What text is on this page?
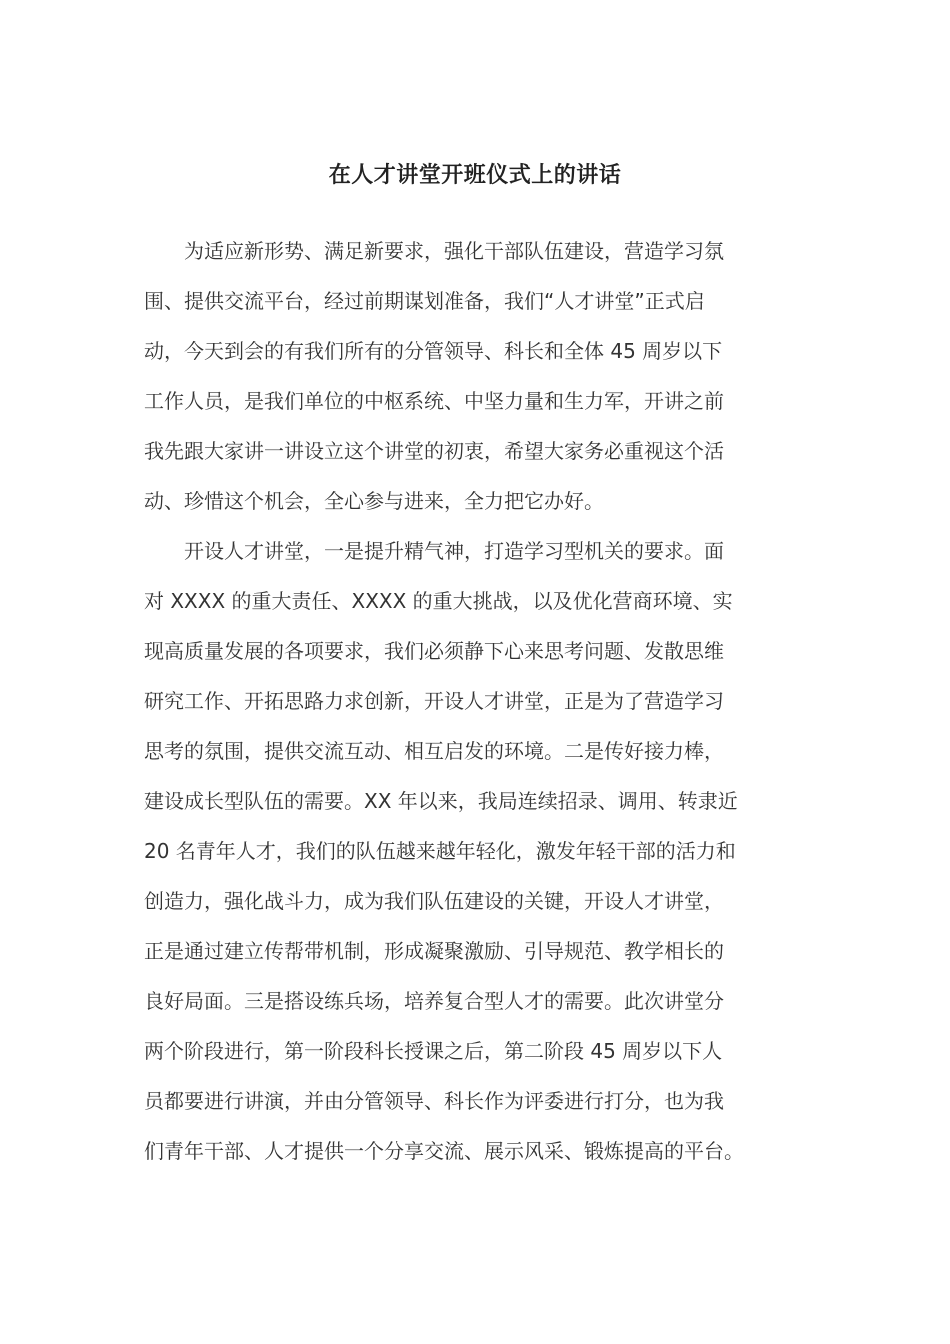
在人才讲堂开班仪式上的讲话
为适应新形势、满足新要求，强化干部队伍建设，营造学习氛
围、提供交流平台，经过前期谋划准备，我们“人才讲堂”正式启
动，今天到会的有我们所有的分管领导、科长和全体 45 周岁以下
工作人员，是我们单位的中枢系统、中坚力量和生力军，开讲之前
我先跟大家讲一讲设立这个讲堂的初衷，希望大家务必重视这个活
动、珍惜这个机会，全心参与进来，全力把它办好。
开设人才讲堂，一是提升精气神，打造学习型机关的要求。面
对 XXXX 的重大责任、XXXX 的重大挑战，以及优化营商环境、实
现高质量发展的各项要求，我们必须静下心来思考问题、发散思维
研究工作、开拓思路力求创新，开设人才讲堂，正是为了营造学习
思考的氛围，提供交流互动、相互启发的环境。二是传好接力棒，
建设成长型队伍的需要。XX 年以来，我局连续招录、调用、转隶近
20 名青年人才，我们的队伍越来越年轻化，激发年轻干部的活力和
创造力，强化战斗力，成为我们队伍建设的关键，开设人才讲堂，
正是通过建立传帮带机制，形成凝聚激励、引导规范、教学相长的
良好局面。三是搭设练兵场，培养复合型人才的需要。此次讲堂分
两个阶段进行，第一阶段科长授课之后，第二阶段 45 周岁以下人
员都要进行讲演，并由分管领导、科长作为评委进行打分，也为我
们青年干部、人才提供一个分享交流、展示风采、锻炼提高的平台。
